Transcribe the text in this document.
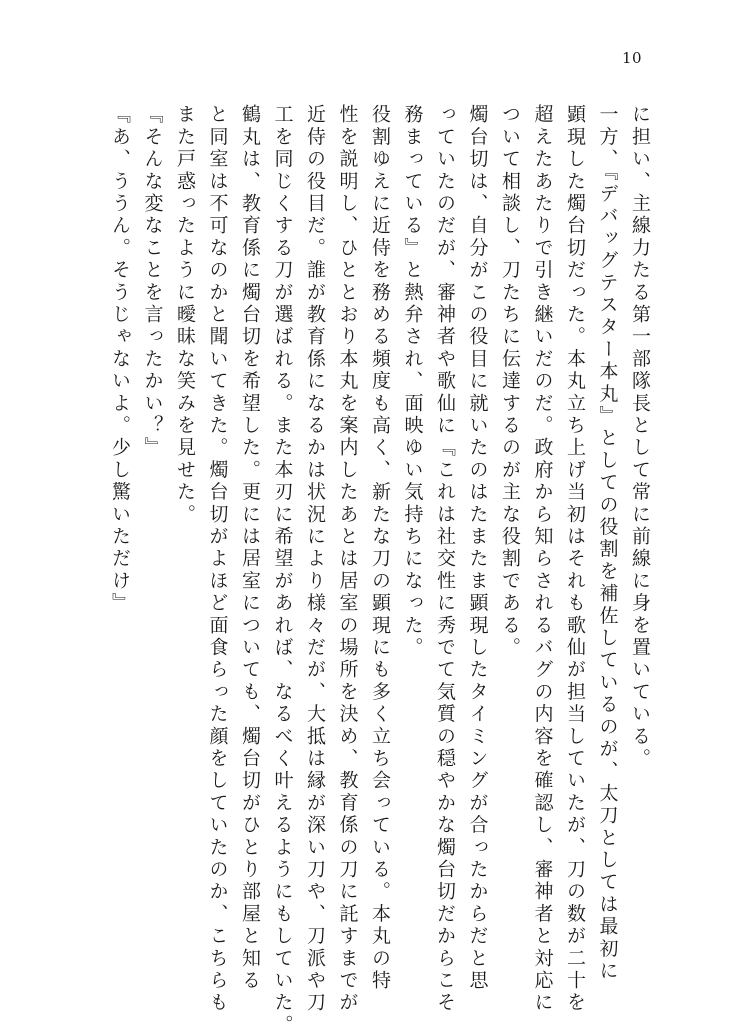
10
に担い、主線力たる第一部隊長として常に前線に身を置いている。
一方、『デバッグテスター本丸』としての役割を補佐しているのが、太刀としては最初に
顕現した燭台切だった。本丸立ち上げ当初はそれも歌仙が担当していたが、刀の数が二十を
超えたあたりで引き継いだのだ。政府から知らされるバグの内容を確認し、審神者と対応に
ついて相談し、刀たちに伝達するのが主な役割である。
燭台切は、自分がこの役目に就いたのはたまたま顕現したタイミングが合ったからだと思
っていたのだが、審神者や歌仙に『これは社交性に秀でて気質の穏やかな燭台切だからこそ
務まっている』と熱弁され、面映ゆい気持ちになった。
役割ゆえに近侍を務める頻度も高く、新たな刀の顕現にも多く立ち会っている。本丸の特
性を説明し、ひととおり本丸を案内したあとは居室の場所を決め、教育係の刀に託すまでが
近侍の役目だ。誰が教育係になるかは状況により様々だが、大抵は縁が深い刀や、刀派や刀
工を同じくする刀が選ばれる。また本刃に希望があれば、なるべく叶えるようにもしていた。
鶴丸は、教育係に燭台切を希望した。更には居室についても、燭台切がひとり部屋と知る
と同室は不可なのかと聞いてきた。燭台切がよほど面食らった顔をしていたのか、こちらも
また戸惑ったように曖昧な笑みを見せた。
『そんな変なことを言ったかい？』
『あ、ううん。そうじゃないよ。少し驚いただけ』
